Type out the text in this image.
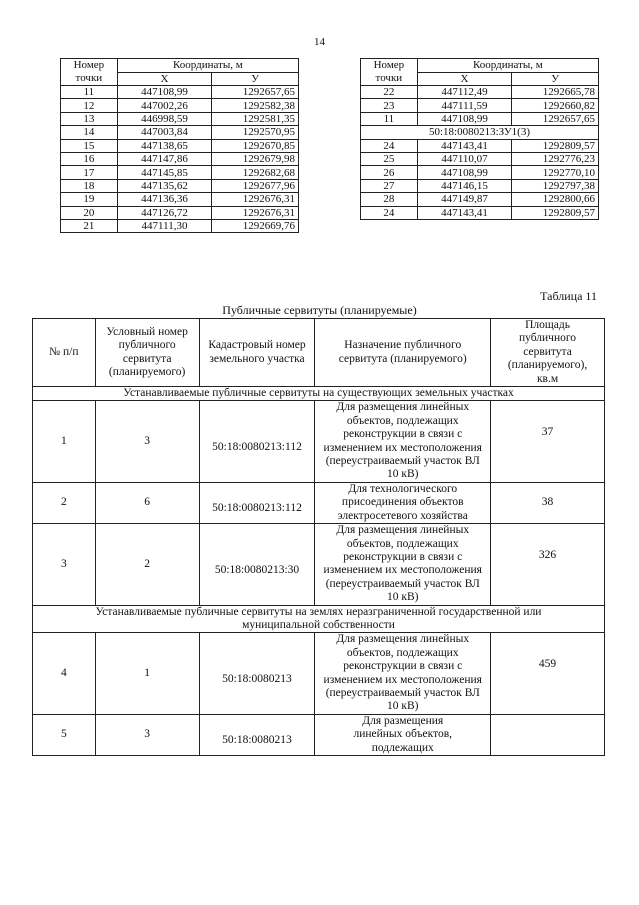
14
Номер точки	Координаты, м	
	X	У
11	447108,99	1292657,65
12	447002,26	1292582,38
13	446998,59	1292581,35
14	447003,84	1292570,95
15	447138,65	1292670,85
16	447147,86	1292679,98
17	447145,85	1292682,68
18	447135,62	1292677,96
19	447136,36	1292676,31
20	447126,72	1292676,31
21	447111,30	1292669,76
Номер точки	Координаты, м	
	X	У
22	447112,49	1292665,78
23	447111,59	1292660,82
11	447108,99	1292657,65
50:18:0080213:ЗУ1(3)		
24	447143,41	1292809,57
25	447110,07	1292776,23
26	447108,99	1292770,10
27	447146,15	1292797,38
28	447149,87	1292800,66
24	447143,41	1292809,57
Таблица 11
Публичные сервитуты (планируемые)
№ п/п	Условный номер публичного сервитута (планируемого)	Кадастровый номер земельного участка	Назначение публичного сервитута (планируемого)	Площадь публичного сервитута (планируемого), кв.м
Устанавливаемые публичные сервитуты на существующих земельных участках				
1	3	50:18:0080213:112	Для размещения линейных объектов, подлежащих реконструкции в связи с изменением их местоположения (переустраиваемый участок ВЛ 10 кВ)	37
2	6	50:18:0080213:112	Для технологического присоединения объектов электросетевого хозяйства	38
3	2	50:18:0080213:30	Для размещения линейных объектов, подлежащих реконструкции в связи с изменением их местоположения (переустраиваемый участок ВЛ 10 кВ)	326
Устанавливаемые публичные сервитуты на землях неразграниченной государственной или муниципальной собственности				
4	1	50:18:0080213	Для размещения линейных объектов, подлежащих реконструкции в связи с изменением их местоположения (переустраиваемый участок ВЛ 10 кВ)	459
5	3	50:18:0080213	Для размещения линейных объектов, подлежащих	
